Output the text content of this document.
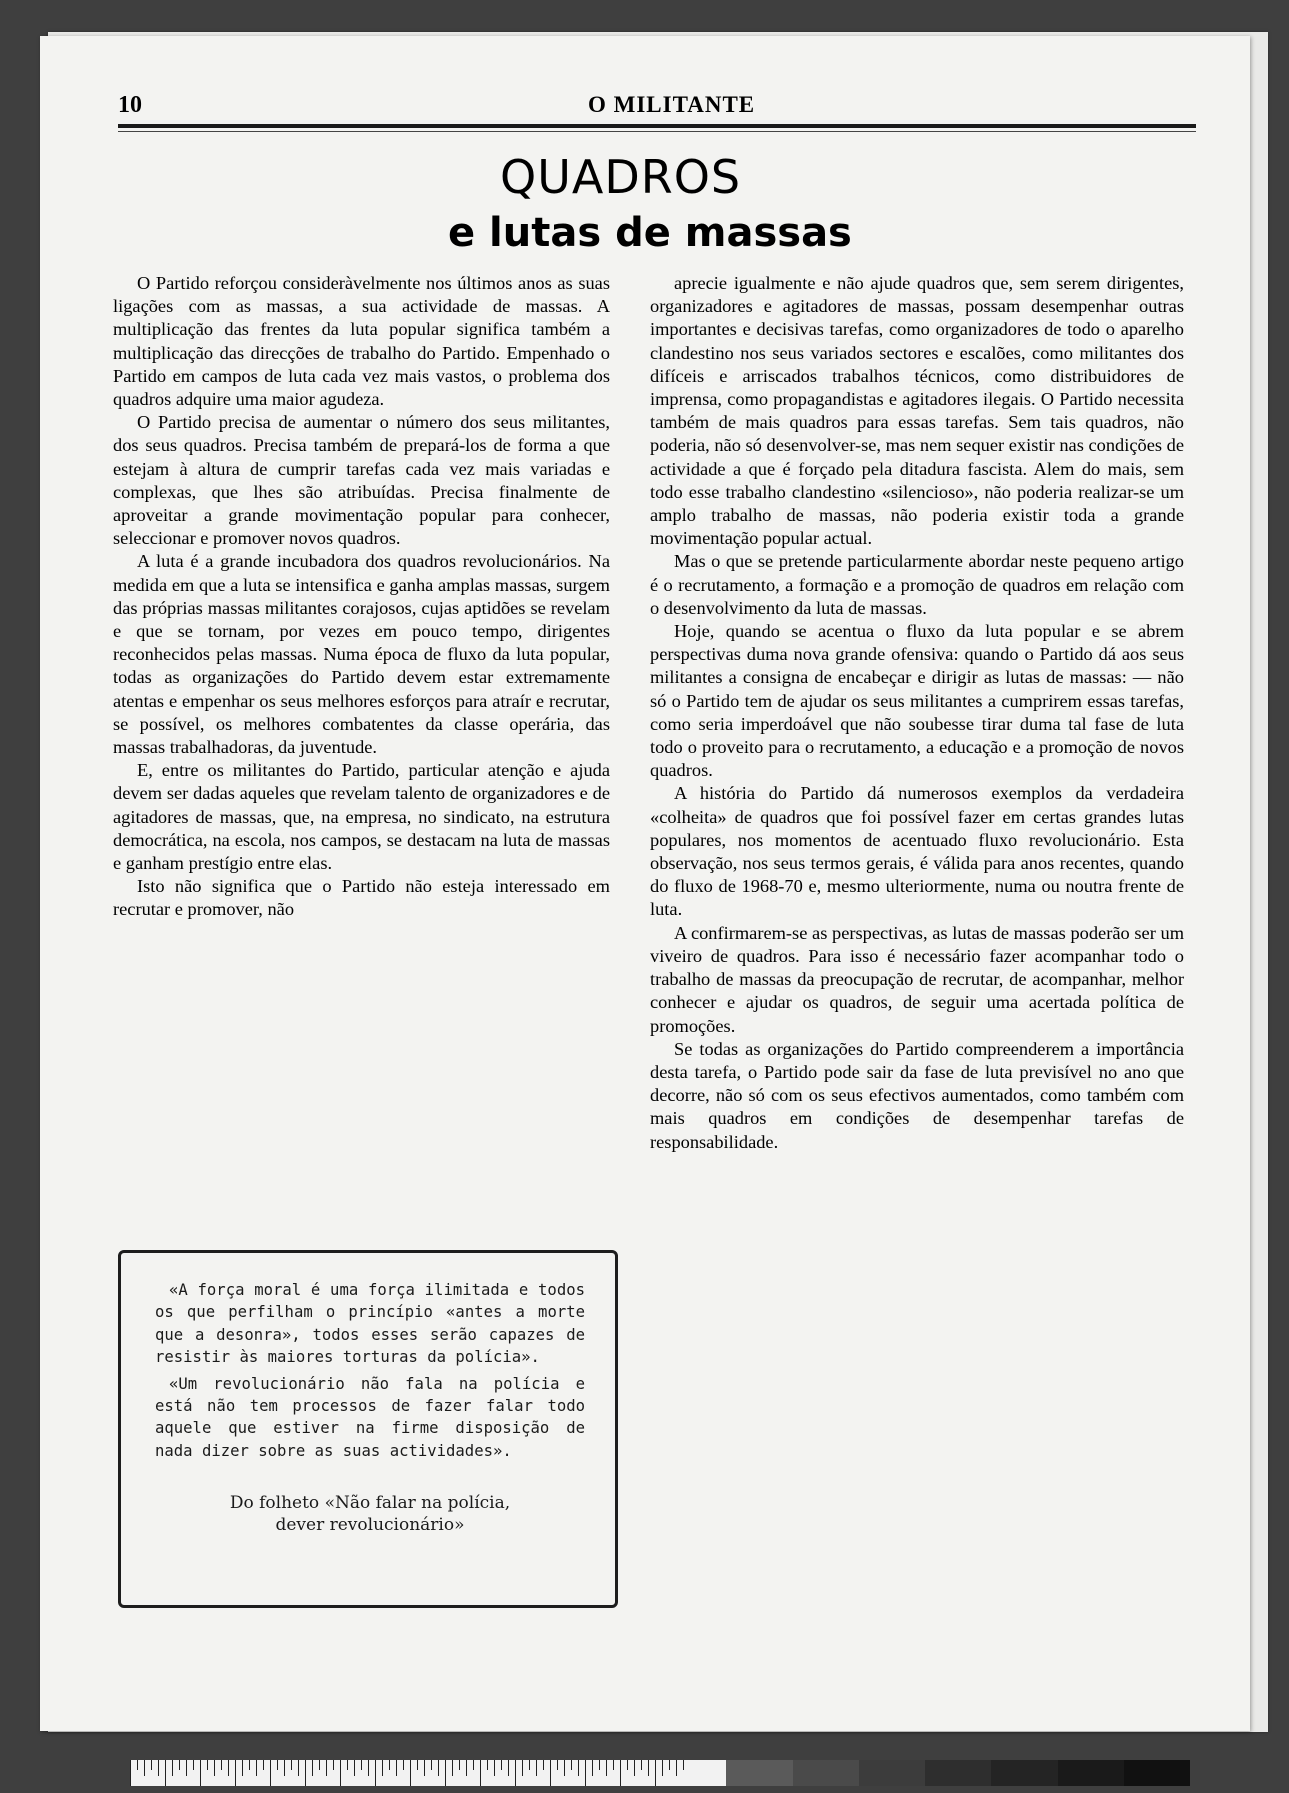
10	O MILITANTE
QUADROS
e lutas de massas

O Partido reforçou consideràvelmente nos últimos anos as suas ligações com as massas, a sua actividade de massas. A multiplicação das frentes da luta popular significa também a multiplicação das direcções de trabalho do Partido. Empenhado o Partido em campos de luta cada vez mais vastos, o problema dos quadros adquire uma maior agudeza.

O Partido precisa de aumentar o número dos seus militantes, dos seus quadros. Precisa também de prepará-los de forma a que estejam à altura de cumprir tarefas cada vez mais variadas e complexas, que lhes são atribuídas. Precisa finalmente de aproveitar a grande movimentação popular para conhecer, seleccionar e promover novos quadros.

A luta é a grande incubadora dos quadros revolucionários. Na medida em que a luta se intensifica e ganha amplas massas, surgem das próprias massas militantes corajosos, cujas aptidões se revelam e que se tornam, por vezes em pouco tempo, dirigentes reconhecidos pelas massas. Numa época de fluxo da luta popular, todas as organizações do Partido devem estar extremamente atentas e empenhar os seus melhores esforços para atraír e recrutar, se possível, os melhores combatentes da classe operária, das massas trabalhadoras, da juventude.

E, entre os militantes do Partido, particular atenção e ajuda devem ser dadas aqueles que revelam talento de organizadores e de agitadores de massas, que, na empresa, no sindicato, na estrutura democrática, na escola, nos campos, se destacam na luta de massas e ganham prestígio entre elas.

Isto não significa que o Partido não esteja interessado em recrutar e promover, não

aprecie igualmente e não ajude quadros que, sem serem dirigentes, organizadores e agitadores de massas, possam desempenhar outras importantes e decisivas tarefas, como organizadores de todo o aparelho clandestino nos seus variados sectores e escalões, como militantes dos difíceis e arriscados trabalhos técnicos, como distribuidores de imprensa, como propagandistas e agitadores ilegais. O Partido necessita também de mais quadros para essas tarefas. Sem tais quadros, não poderia, não só desenvolver-se, mas nem sequer existir nas condições de actividade a que é forçado pela ditadura fascista. Alem do mais, sem todo esse trabalho clandestino «silencioso», não poderia realizar-se um amplo trabalho de massas, não poderia existir toda a grande movimentação popular actual.

Mas o que se pretende particularmente abordar neste pequeno artigo é o recrutamento, a formação e a promoção de quadros em relação com o desenvolvimento da luta de massas.

Hoje, quando se acentua o fluxo da luta popular e se abrem perspectivas duma nova grande ofensiva: quando o Partido dá aos seus militantes a consigna de encabeçar e dirigir as lutas de massas: — não só o Partido tem de ajudar os seus militantes a cumprirem essas tarefas, como seria imperdoável que não soubesse tirar duma tal fase de luta todo o proveito para o recrutamento, a educação e a promoção de novos quadros.

A história do Partido dá numerosos exemplos da verdadeira «colheita» de quadros que foi possível fazer em certas grandes lutas populares, nos momentos de acentuado fluxo revolucionário. Esta observação, nos seus termos gerais, é válida para anos recentes, quando do fluxo de 1968-70 e, mesmo ulteriormente, numa ou noutra frente de luta.

A confirmarem-se as perspectivas, as lutas de massas poderão ser um viveiro de quadros. Para isso é necessário fazer acompanhar todo o trabalho de massas da preocupação de recrutar, de acompanhar, melhor conhecer e ajudar os quadros, de seguir uma acertada política de promoções.

Se todas as organizações do Partido compreenderem a importância desta tarefa, o Partido pode sair da fase de luta previsível no ano que decorre, não só com os seus efectivos aumentados, como também com mais quadros em condições de desempenhar tarefas de responsabilidade.

«A força moral é uma força ilimitada e todos os que perfilham o princípio «antes a morte que a desonra», todos esses serão capazes de resistir às maiores torturas da polícia».

«Um revolucionário não fala na polícia e está não tem processos de fazer falar todo aquele que estiver na firme disposição de nada dizer sobre as suas actividades».

Do folheto «Não falar na polícia,
dever revolucionário»
